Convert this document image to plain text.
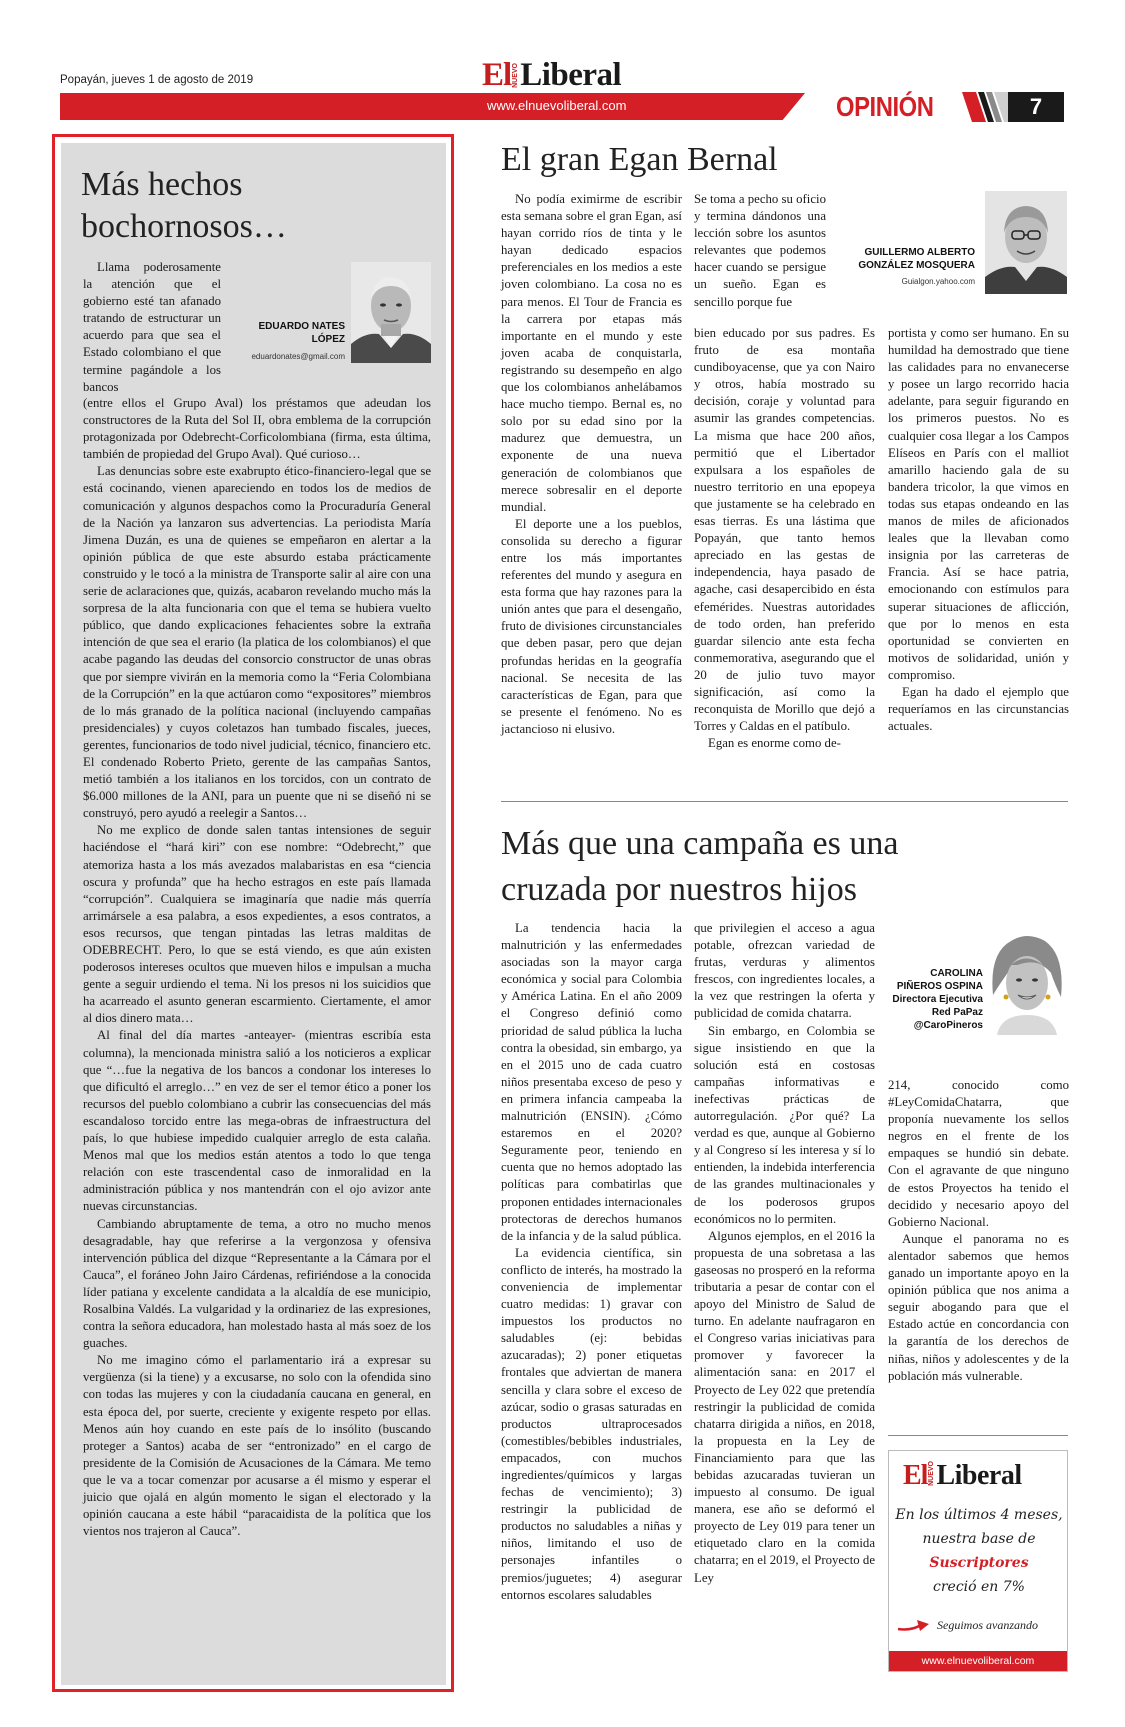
Popayán, jueves 1 de agosto de 2019	El NUEVO Liberal
www.elnuevoliberal.com	OPINIÓN	7
Más hechos bochornosos…
EDUARDO NATES LÓPEZ
eduardonates@gmail.com

Llama poderosamente la atención que el gobierno esté tan afanado tratando de estructurar un acuerdo para que sea el Estado colombiano el que termine pagándole a los bancos

(entre ellos el Grupo Aval) los préstamos que adeudan los constructores de la Ruta del Sol II, obra emblema de la corrupción protagonizada por Odebrecht-Corficolombiana (firma, esta última, también de propiedad del Grupo Aval). Qué curioso…

Las denuncias sobre este exabrupto ético-financiero-legal que se está cocinando, vienen apareciendo en todos los de medios de comunicación y algunos despachos como la Procuraduría General de la Nación ya lanzaron sus advertencias. La periodista María Jimena Duzán, es una de quienes se empeñaron en alertar a la opinión pública de que este absurdo estaba prácticamente construido y le tocó a la ministra de Transporte salir al aire con una serie de aclaraciones que, quizás, acabaron revelando mucho más la sorpresa de la alta funcionaria con que el tema se hubiera vuelto público, que dando explicaciones fehacientes sobre la extraña intención de que sea el erario (la platica de los colombianos) el que acabe pagando las deudas del consorcio constructor de unas obras que por siempre vivirán en la memoria como la “Feria Colombiana de la Corrupción” en la que actúaron como “expositores” miembros de lo más granado de la política nacional (incluyendo campañas presidenciales) y cuyos coletazos han tumbado fiscales, jueces, gerentes, funcionarios de todo nivel judicial, técnico, financiero etc. El condenado Roberto Prieto, gerente de las campañas Santos, metió también a los italianos en los torcidos, con un contrato de $6.000 millones de la ANI, para un puente que ni se diseñó ni se construyó, pero ayudó a reelegir a Santos…

No me explico de donde salen tantas intensiones de seguir haciéndose el “hará kiri” con ese nombre: “Odebrecht,” que atemoriza hasta a los más avezados malabaristas en esa “ciencia oscura y profunda” que ha hecho estragos en este país llamada “corrupción”. Cualquiera se imaginaría que nadie más querría arrimársele a esa palabra, a esos expedientes, a esos contratos, a esos recursos, que tengan pintadas las letras malditas de ODEBRECHT. Pero, lo que se está viendo, es que aún existen poderosos intereses ocultos que mueven hilos e impulsan a mucha gente a seguir urdiendo el tema. Ni los presos ni los suicidios que ha acarreado el asunto generan escarmiento. Ciertamente, el amor al dios dinero mata…

Al final del día martes -anteayer- (mientras escribía esta columna), la mencionada ministra salió a los noticieros a explicar que “…fue la negativa de los bancos a condonar los intereses lo que dificultó el arreglo…” en vez de ser el temor ético a poner los recursos del pueblo colombiano a cubrir las consecuencias del más escandaloso torcido entre las mega-obras de infraestructura del país, lo que hubiese impedido cualquier arreglo de esta calaña. Menos mal que los medios están atentos a todo lo que tenga relación con este trascendental caso de inmoralidad en la administración pública y nos mantendrán con el ojo avizor ante nuevas circunstancias.

Cambiando abruptamente de tema, a otro no mucho menos desagradable, hay que referirse a la vergonzosa y ofensiva intervención pública del dizque “Representante a la Cámara por el Cauca”, el foráneo John Jairo Cárdenas, refiriéndose a la conocida líder patiana y excelente candidata a la alcaldía de ese municipio, Rosalbina Valdés. La vulgaridad y la ordinariez de las expresiones, contra la señora educadora, han molestado hasta al más soez de los guaches.

No me imagino cómo el parlamentario irá a expresar su vergüenza (si la tiene) y a excusarse, no solo con la ofendida sino con todas las mujeres y con la ciudadanía caucana en general, en esta época del, por suerte, creciente y exigente respeto por ellas. Menos aún hoy cuando en este país de lo insólito (buscando proteger a Santos) acaba de ser “entronizado” en el cargo de presidente de la Comisión de Acusaciones de la Cámara. Me temo que le va a tocar comenzar por acusarse a él mismo y esperar el juicio que ojalá en algún momento le sigan el electorado y la opinión caucana a este hábil “paracaidista de la política que los vientos nos trajeron al Cauca”.

El gran Egan Bernal

No podía eximirme de escribir esta semana sobre el gran Egan, así hayan corrido ríos de tinta y le hayan dedicado espacios preferenciales en los medios a este joven colombiano. La cosa no es para menos. El Tour de Francia es la carrera por etapas más importante en el mundo y este joven acaba de conquistarla, registrando su desempeño en algo que los colombianos anhelábamos hace mucho tiempo. Bernal es, no solo por su edad sino por la madurez que demuestra, un exponente de una nueva generación de colombianos que merece sobresalir en el deporte mundial.

El deporte une a los pueblos, consolida su derecho a figurar entre los más importantes referentes del mundo y asegura en esta forma que hay razones para la unión antes que para el desengaño, fruto de divisiones circunstanciales que deben pasar, pero que dejan profundas heridas en la geografía nacional. Se necesita de las características de Egan, para que se presente el fenómeno. No es jactancioso ni elusivo.

Se toma a pecho su oficio y termina dándonos una lección sobre los asuntos relevantes que podemos hacer cuando se persigue un sueño. Egan es sencillo porque fue

GUILLERMO ALBERTO GONZÁLEZ MOSQUERA
Guialgon.yahoo.com

bien educado por sus padres. Es fruto de esa montaña cundiboyacense, que ya con Nairo y otros, había mostrado su decisión, coraje y voluntad para asumir las grandes competencias. La misma que hace 200 años, permitió que el Libertador expulsara a los españoles de nuestro territorio en una epopeya que justamente se ha celebrado en esas tierras. Es una lástima que Popayán, que tanto hemos apreciado en las gestas de independencia, haya pasado de agache, casi desapercibido en ésta efemérides. Nuestras autoridades de todo orden, han preferido guardar silencio ante esta fecha conmemorativa, asegurando que el 20 de julio tuvo mayor significación, así como la reconquista de Morillo que dejó a Torres y Caldas en el patíbulo.

Egan es enorme como de-

portista y como ser humano. En su humildad ha demostrado que tiene las calidades para no envanecerse y posee un largo recorrido hacia adelante, para seguir figurando en los primeros puestos. No es cualquier cosa llegar a los Campos Elíseos en París con el malliot amarillo haciendo gala de su bandera tricolor, la que vimos en todas sus etapas ondeando en las manos de miles de aficionados leales que la llevaban como insignia por las carreteras de Francia. Así se hace patria, emocionando con estímulos para superar situaciones de aflicción, que por lo menos en esta oportunidad se convierten en motivos de solidaridad, unión y compromiso.

Egan ha dado el ejemplo que requeríamos en las circunstancias actuales.

Más que una campaña es una cruzada por nuestros hijos

La tendencia hacia la malnutrición y las enfermedades asociadas son la mayor carga económica y social para Colombia y América Latina. En el año 2009 el Congreso definió como prioridad de salud pública la lucha contra la obesidad, sin embargo, ya en el 2015 uno de cada cuatro niños presentaba exceso de peso y en primera infancia campeaba la malnutrición (ENSIN). ¿Cómo estaremos en el 2020? Seguramente peor, teniendo en cuenta que no hemos adoptado las políticas para combatirlas que proponen entidades internacionales protectoras de derechos humanos de la infancia y de la salud pública.

La evidencia científica, sin conflicto de interés, ha mostrado la conveniencia de implementar cuatro medidas: 1) gravar con impuestos los productos no saludables (ej: bebidas azucaradas); 2) poner etiquetas frontales que adviertan de manera sencilla y clara sobre el exceso de azúcar, sodio o grasas saturadas en productos ultraprocesados (comestibles/bebibles industriales, empacados, con muchos ingredientes/químicos y largas fechas de vencimiento); 3) restringir la publicidad de productos no saludables a niñas y niños, limitando el uso de personajes infantiles o premios/juguetes; 4) asegurar entornos escolares saludables

que privilegien el acceso a agua potable, ofrezcan variedad de frutas, verduras y alimentos frescos, con ingredientes locales, a la vez que restringen la oferta y publicidad de comida chatarra.

Sin embargo, en Colombia se sigue insistiendo en que la solución está en costosas campañas informativas e inefectivas prácticas de autorregulación. ¿Por qué? La verdad es que, aunque al Gobierno y al Congreso sí les interesa y sí lo entienden, la indebida interferencia de las grandes multinacionales y de los poderosos grupos económicos no lo permiten.

Algunos ejemplos, en el 2016 la propuesta de una sobretasa a las gaseosas no prosperó en la reforma tributaria a pesar de contar con el apoyo del Ministro de Salud de turno. En adelante naufragaron en el Congreso varias iniciativas para promover y favorecer la alimentación sana: en 2017 el Proyecto de Ley 022 que pretendía restringir la publicidad de comida chatarra dirigida a niños, en 2018, la propuesta en la Ley de Financiamiento para que las bebidas azucaradas tuvieran un impuesto al consumo. De igual manera, ese año se deformó el proyecto de Ley 019 para tener un etiquetado claro en la comida chatarra; en el 2019, el Proyecto de Ley

CAROLINA
PIÑEROS OSPINA
Directora Ejecutiva
Red PaPaz
@CaroPineros

214, conocido como #LeyComidaChatarra, que proponía nuevamente los sellos negros en el frente de los empaques se hundió sin debate. Con el agravante de que ninguno de estos Proyectos ha tenido el decidido y necesario apoyo del Gobierno Nacional.

Aunque el panorama no es alentador sabemos que hemos ganado un importante apoyo en la opinión pública que nos anima a seguir abogando para que el Estado actúe en concordancia con la garantía de los derechos de niñas, niños y adolescentes y de la población más vulnerable.

El NUEVO Liberal
En los últimos 4 meses,
nuestra base de
Suscriptores
creció en 7%
Seguimos avanzando
www.elnuevoliberal.com
